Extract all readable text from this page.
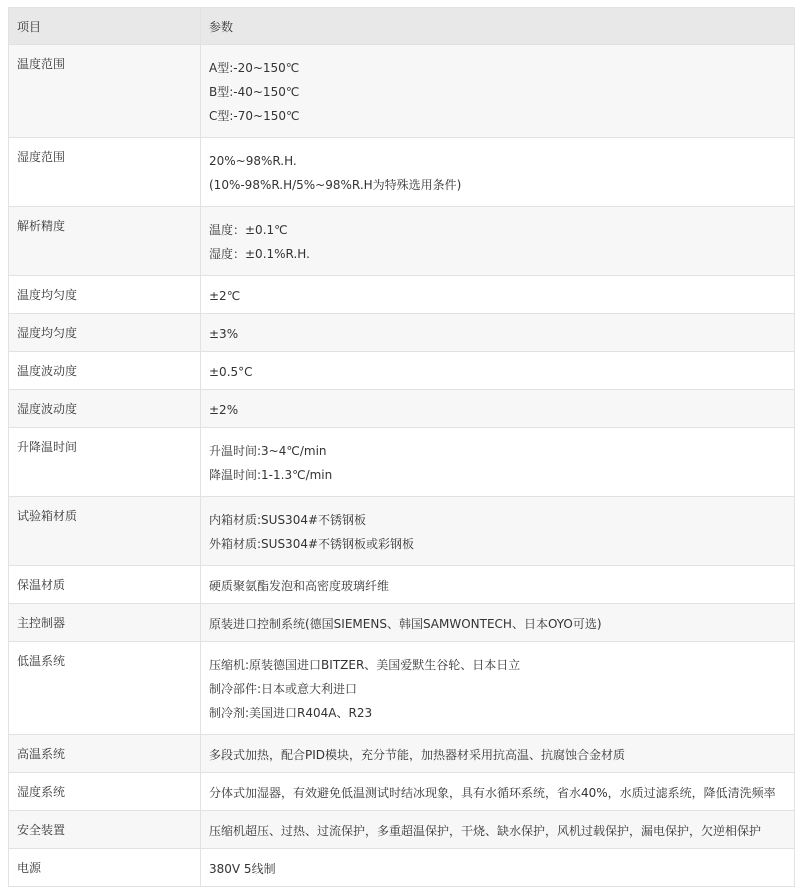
项目	参数
温度范围	A型:-20~150℃
B型:-40~150℃
C型:-70~150℃

湿度范围	20%~98%R.H.
(10%-98%R.H/5%~98%R.H为特殊选用条件)

解析精度	温度：±0.1℃
湿度：±0.1%R.H.

温度均匀度	±2℃

湿度均匀度	±3%

温度波动度	±0.5°C

湿度波动度	±2%

升降温时间	升温时间:3~4℃/min
降温时间:1-1.3℃/min

试验箱材质	内箱材质:SUS304#不锈钢板
外箱材质:SUS304#不锈钢板或彩钢板

保温材质	硬质聚氨酯发泡和高密度玻璃纤维

主控制器	原装进口控制系统(德国SIEMENS、韩国SAMWONTECH、日本OYO可选)

低温系统	压缩机:原装德国进口BITZER、美国爱默生谷轮、日本日立
制冷部件:日本或意大利进口
制冷剂:美国进口R404A、R23

高温系统	多段式加热，配合PID模块，充分节能，加热器材采用抗高温、抗腐蚀合金材质

湿度系统	分体式加湿器，有效避免低温测试时结冰现象，具有水循环系统，省水40%，水质过滤系统，降低清洗频率

安全装置	压缩机超压、过热、过流保护，多重超温保护，干烧、缺水保护，风机过载保护，漏电保护，欠逆相保护

电源	380V 5线制
